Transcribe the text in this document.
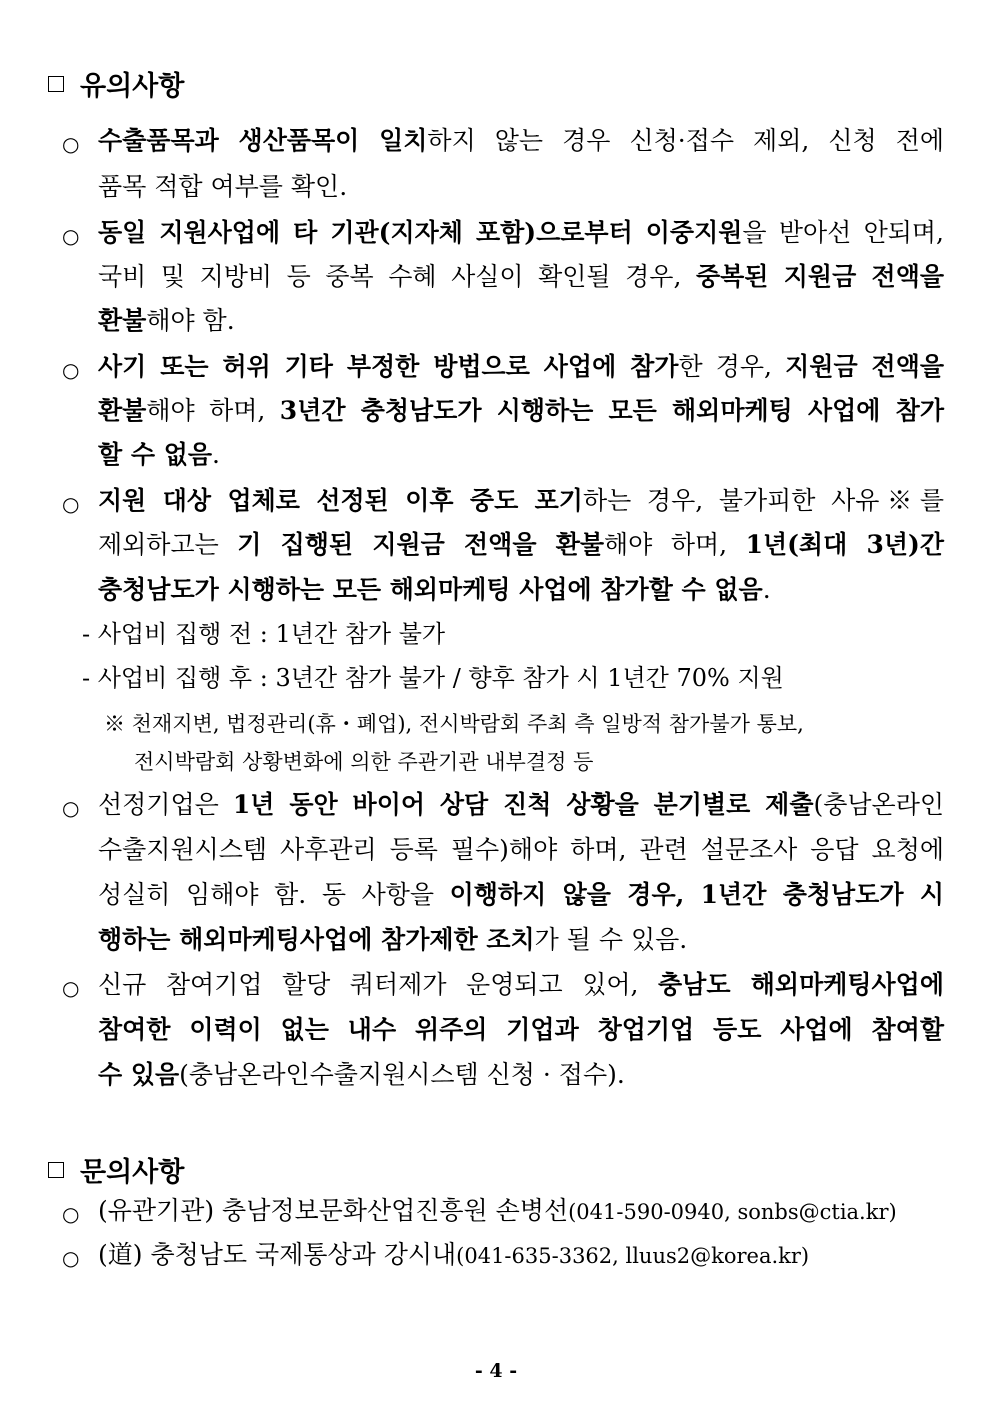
유의사항
○ 수출품목과 생산품목이 일치하지 않는 경우 신청·접수 제외, 신청 전에
품목 적합 여부를 확인.
○ 동일 지원사업에 타 기관(지자체 포함)으로부터 이중지원을 받아선 안되며,
국비 및 지방비 등 중복 수혜 사실이 확인될 경우, 중복된 지원금 전액을
환불해야 함.
○ 사기 또는 허위 기타 부정한 방법으로 사업에 참가한 경우, 지원금 전액을
환불해야 하며, 3년간 충청남도가 시행하는 모든 해외마케팅 사업에 참가
할 수 없음.
○ 지원 대상 업체로 선정된 이후 중도 포기하는 경우, 불가피한 사유※를
제외하고는 기 집행된 지원금 전액을 환불해야 하며, 1년(최대 3년)간
충청남도가 시행하는 모든 해외마케팅 사업에 참가할 수 없음.
- 사업비 집행 전 : 1년간 참가 불가
- 사업비 집행 후 : 3년간 참가 불가 / 향후 참가 시 1년간 70% 지원
※ 천재지변, 법정관리(휴・폐업), 전시박람회 주최 측 일방적 참가불가 통보,
전시박람회 상황변화에 의한 주관기관 내부결정 등
○ 선정기업은 1년 동안 바이어 상담 진척 상황을 분기별로 제출(충남온라인
수출지원시스템 사후관리 등록 필수)해야 하며, 관련 설문조사 응답 요청에
성실히 임해야 함. 동 사항을 이행하지 않을 경우, 1년간 충청남도가 시
행하는 해외마케팅사업에 참가제한 조치가 될 수 있음.
○ 신규 참여기업 할당 쿼터제가 운영되고 있어, 충남도 해외마케팅사업에
참여한 이력이 없는 내수 위주의 기업과 창업기업 등도 사업에 참여할
수 있음(충남온라인수출지원시스템 신청 · 접수).
문의사항
○ (유관기관) 충남정보문화산업진흥원 손병선(041-590-0940, sonbs@ctia.kr)
○ (道) 충청남도 국제통상과 강시내(041-635-3362, lluus2@korea.kr)
- 4 -
